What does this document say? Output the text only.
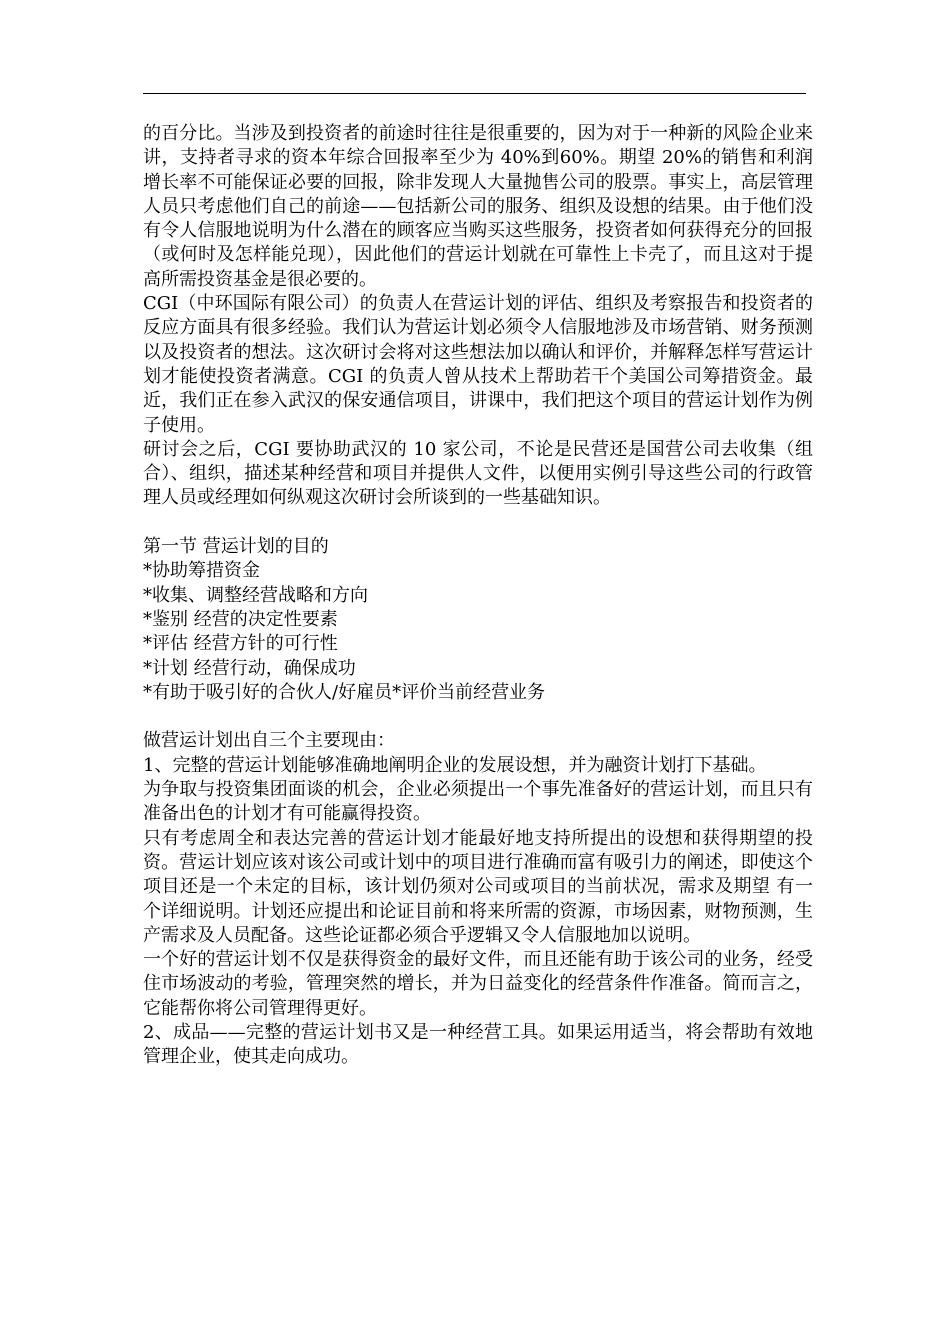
的百分比。当涉及到投资者的前途时往往是很重要的，因为对于一种新的风险企业来讲，支持者寻求的资本年综合回报率至少为 40%到60%。期望 20%的销售和利润增长率不可能保证必要的回报，除非发现人大量抛售公司的股票。事实上，高层管理人员只考虑他们自己的前途——包括新公司的服务、组织及设想的结果。由于他们没有令人信服地说明为什么潜在的顾客应当购买这些服务，投资者如何获得充分的回报（或何时及怎样能兑现），因此他们的营运计划就在可靠性上卡壳了，而且这对于提高所需投资基金是很必要的。

CGI（中环国际有限公司）的负责人在营运计划的评估、组织及考察报告和投资者的反应方面具有很多经验。我们认为营运计划必须令人信服地涉及市场营销、财务预测以及投资者的想法。这次研讨会将对这些想法加以确认和评价，并解释怎样写营运计划才能使投资者满意。CGI 的负责人曾从技术上帮助若干个美国公司筹措资金。最近，我们正在参入武汉的保安通信项目，讲课中，我们把这个项目的营运计划作为例子使用。

研讨会之后，CGI 要协助武汉的 10 家公司，不论是民营还是国营公司去收集（组合）、组织，描述某种经营和项目并提供人文件，以便用实例引导这些公司的行政管理人员或经理如何纵观这次研讨会所谈到的一些基础知识。

第一节 营运计划的目的

*协助筹措资金

*收集、调整经营战略和方向

*鉴别 经营的决定性要素

*评估 经营方针的可行性

*计划 经营行动，确保成功

*有助于吸引好的合伙人/好雇员*评价当前经营业务

做营运计划出自三个主要现由：

1、完整的营运计划能够准确地阐明企业的发展设想，并为融资计划打下基础。

为争取与投资集团面谈的机会，企业必须提出一个事先准备好的营运计划，而且只有准备出色的计划才有可能赢得投资。

只有考虑周全和表达完善的营运计划才能最好地支持所提出的设想和获得期望的投资。营运计划应该对该公司或计划中的项目进行准确而富有吸引力的阐述，即使这个项目还是一个未定的目标，该计划仍须对公司或项目的当前状况，需求及期望 有一个详细说明。计划还应提出和论证目前和将来所需的资源，市场因素，财物预测，生产需求及人员配备。这些论证都必须合乎逻辑又令人信服地加以说明。

一个好的营运计划不仅是获得资金的最好文件，而且还能有助于该公司的业务，经受住市场波动的考验，管理突然的增长，并为日益变化的经营条件作准备。简而言之，它能帮你将公司管理得更好。

2、成品——完整的营运计划书又是一种经营工具。如果运用适当，将会帮助有效地管理企业，使其走向成功。
